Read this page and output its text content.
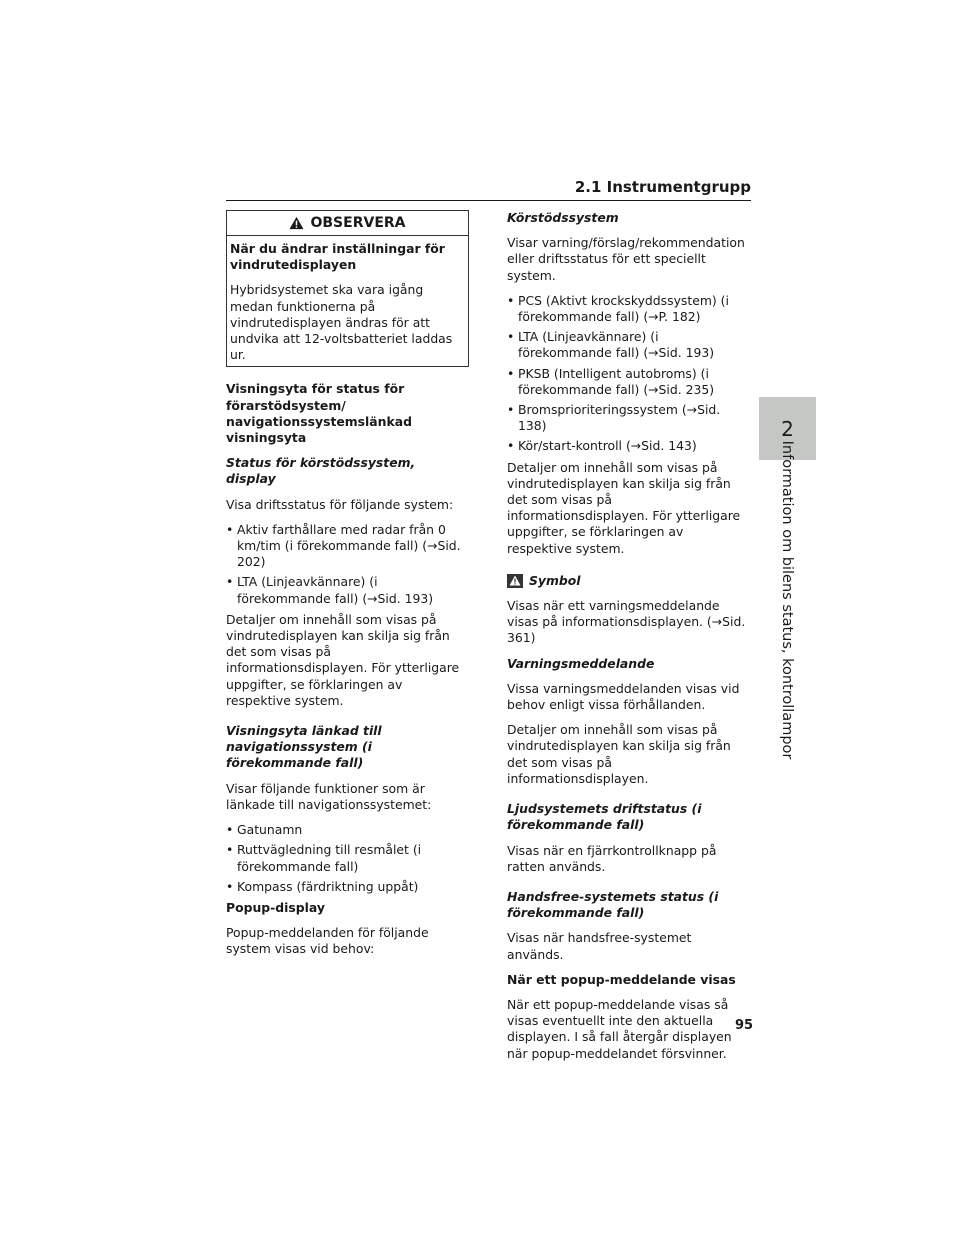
2.1 Instrumentgrupp
OBSERVERA

När du ändrar inställningar för vindrutedisplayen

Hybridsystemet ska vara igång medan funktionerna på vindrutedisplayen ändras för att undvika att 12-voltsbatteriet laddas ur.

Visningsyta för status för förarstödsystem/ navigationssystemslänkad visningsyta

Status för körstödssystem, display

Visa driftsstatus för följande system:

• Aktiv farthållare med radar från 0 km/tim (i förekommande fall) (→Sid. 202)
• LTA (Linjeavkännare) (i förekommande fall) (→Sid. 193)

Detaljer om innehåll som visas på vindrutedisplayen kan skilja sig från det som visas på informationsdisplayen. För ytterligare uppgifter, se förklaringen av respektive system.

Visningsyta länkad till navigationssystem (i förekommande fall)

Visar följande funktioner som är länkade till navigationssystemet:

• Gatunamn
• Ruttvägledning till resmålet (i förekommande fall)
• Kompass (färdriktning uppåt)

Popup-display

Popup-meddelanden för följande system visas vid behov:

Körstödssystem

Visar varning/förslag/rekommendation eller driftsstatus för ett speciellt system.

• PCS (Aktivt krockskyddssystem) (i förekommande fall) (→P. 182)
• LTA (Linjeavkännare) (i förekommande fall) (→Sid. 193)
• PKSB (Intelligent autobroms) (i förekommande fall) (→Sid. 235)
• Bromsprioriteringssystem (→Sid. 138)
• Kör/start-kontroll (→Sid. 143)

Detaljer om innehåll som visas på vindrutedisplayen kan skilja sig från det som visas på informationsdisplayen. För ytterligare uppgifter, se förklaringen av respektive system.

Symbol

Visas när ett varningsmeddelande visas på informationsdisplayen. (→Sid. 361)

Varningsmeddelande

Vissa varningsmeddelanden visas vid behov enligt vissa förhållanden.

Detaljer om innehåll som visas på vindrutedisplayen kan skilja sig från det som visas på informationsdisplayen.

Ljudsystemets driftstatus (i förekommande fall)

Visas när en fjärrkontrollknapp på ratten används.

Handsfree-systemets status (i förekommande fall)

Visas när handsfree-systemet används.

När ett popup-meddelande visas

När ett popup-meddelande visas så visas eventuellt inte den aktuella displayen. I så fall återgår displayen när popup-meddelandet försvinner.

2
Information om bilens status, kontrollampor
95
